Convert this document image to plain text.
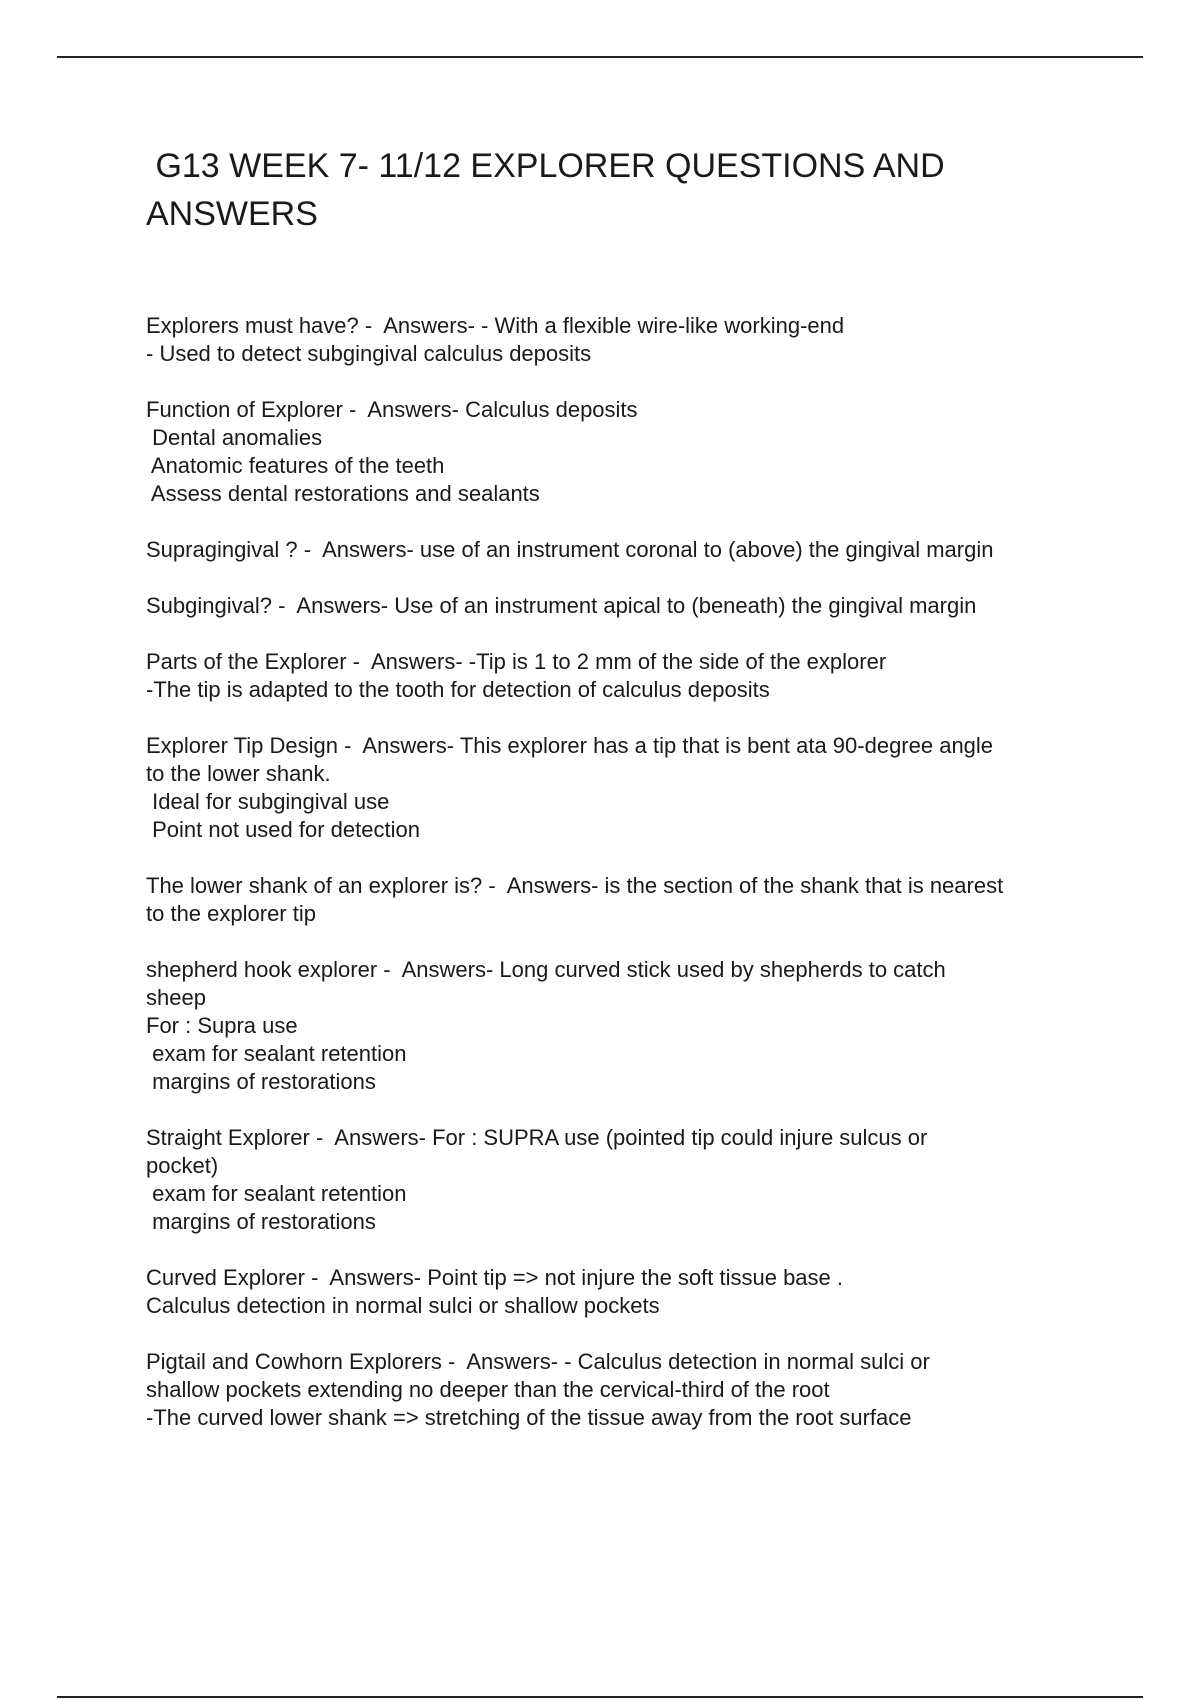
G13 WEEK 7- 11/12 EXPLORER QUESTIONS AND
ANSWERS
Explorers must have? -  Answers- - With a flexible wire-like working-end
- Used to detect subgingival calculus deposits
Function of Explorer -  Answers- Calculus deposits
Dental anomalies
Anatomic features of the teeth
Assess dental restorations and sealants
Supragingival ? -  Answers- use of an instrument coronal to (above) the gingival margin
Subgingival? -  Answers- Use of an instrument apical to (beneath) the gingival margin
Parts of the Explorer -  Answers- -Tip is 1 to 2 mm of the side of the explorer
-The tip is adapted to the tooth for detection of calculus deposits
Explorer Tip Design -  Answers- This explorer has a tip that is bent ata 90-degree angle
to the lower shank.
Ideal for subgingival use
Point not used for detection
The lower shank of an explorer is? -  Answers- is the section of the shank that is nearest
to the explorer tip
shepherd hook explorer -  Answers- Long curved stick used by shepherds to catch
sheep
For : Supra use
exam for sealant retention
margins of restorations
Straight Explorer -  Answers- For : SUPRA use (pointed tip could injure sulcus or
pocket)
exam for sealant retention
margins of restorations
Curved Explorer -  Answers- Point tip => not injure the soft tissue base .
Calculus detection in normal sulci or shallow pockets
Pigtail and Cowhorn Explorers -  Answers- - Calculus detection in normal sulci or
shallow pockets extending no deeper than the cervical-third of the root
-The curved lower shank => stretching of the tissue away from the root surface
